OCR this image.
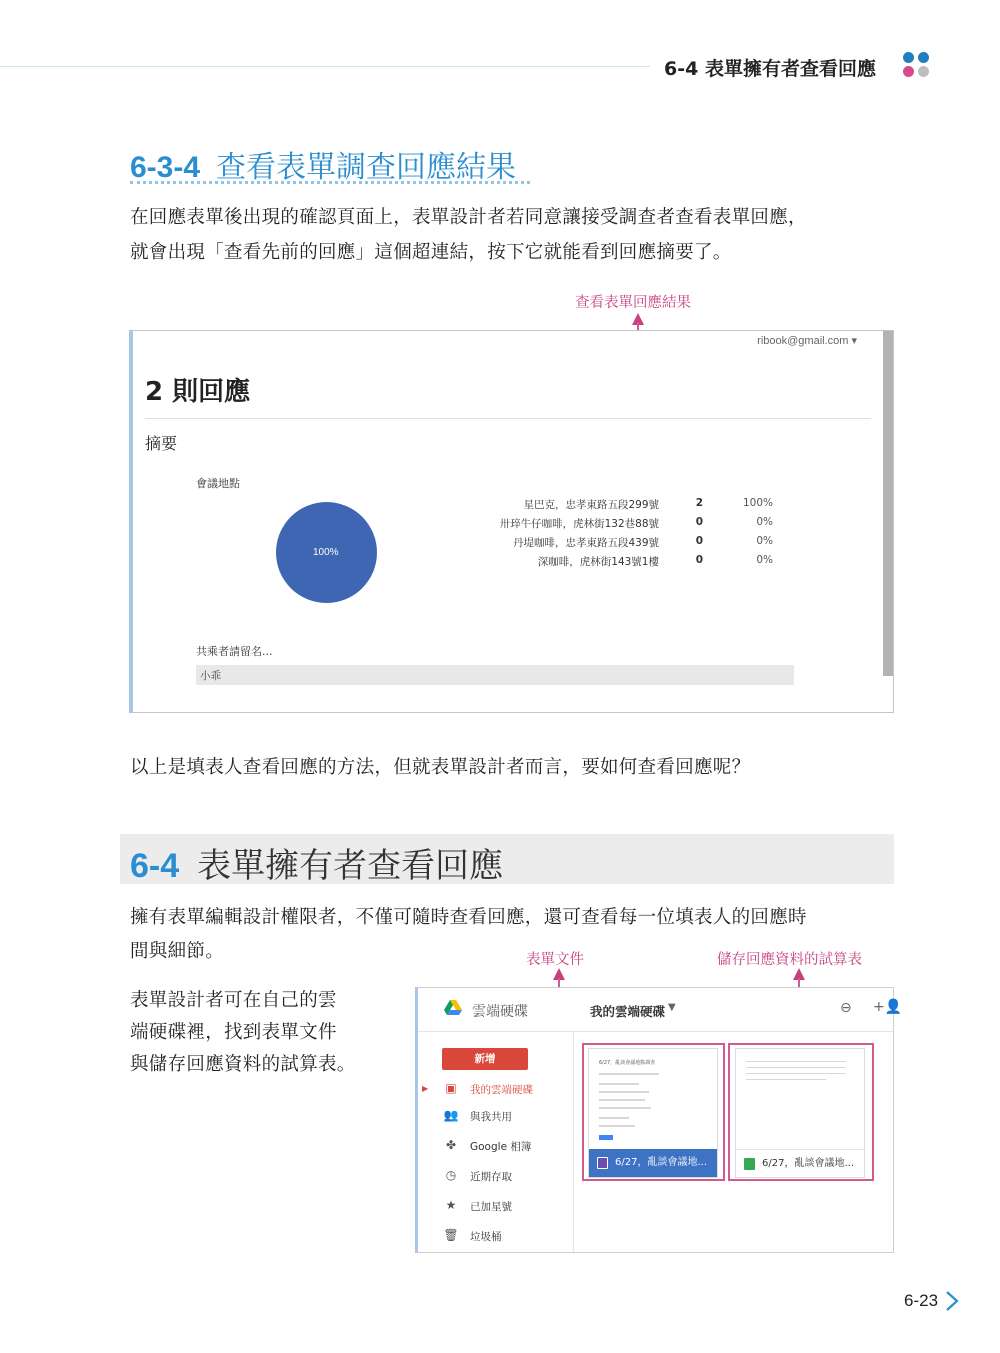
6-4 表單擁有者查看回應
6-3-4 查看表單調查回應結果
在回應表單後出現的確認頁面上，表單設計者若同意讓接受調查者查看表單回應，
就會出現「查看先前的回應」這個超連結，按下它就能看到回應摘要了。
查看表單回應結果
ribook@gmail.com ▾
2 則回應
摘要
會議地點
100%
星巴克，忠孝東路五段299號	2	100%
卅琗牛仔咖啡，虎林街132巷88號	0	0%
丹堤咖啡，忠孝東路五段439號	0	0%
深咖啡，虎林街143號1樓	0	0%
共乘者請留名...
小乖
以上是填表人查看回應的方法，但就表單設計者而言，要如何查看回應呢？
6-4 表單擁有者查看回應
擁有表單編輯設計權限者，不僅可隨時查看回應，還可查看每一位填表人的回應時
間與細節。
表單設計者可在自己的雲
端硬碟裡，找到表單文件
與儲存回應資料的試算表。
表單文件	儲存回應資料的試算表
雲端硬碟	我的雲端硬碟 ▼	⊖ +👤
新增
▶ ▣ 我的雲端硬碟
👥 與我共用
✤ Google 相簿
◷ 近期存取
★ 已加星號
🗑 垃圾桶
6/27，亂談會議地點調查
6/27，亂談會議地...	6/27，亂談會議地...
6-23
